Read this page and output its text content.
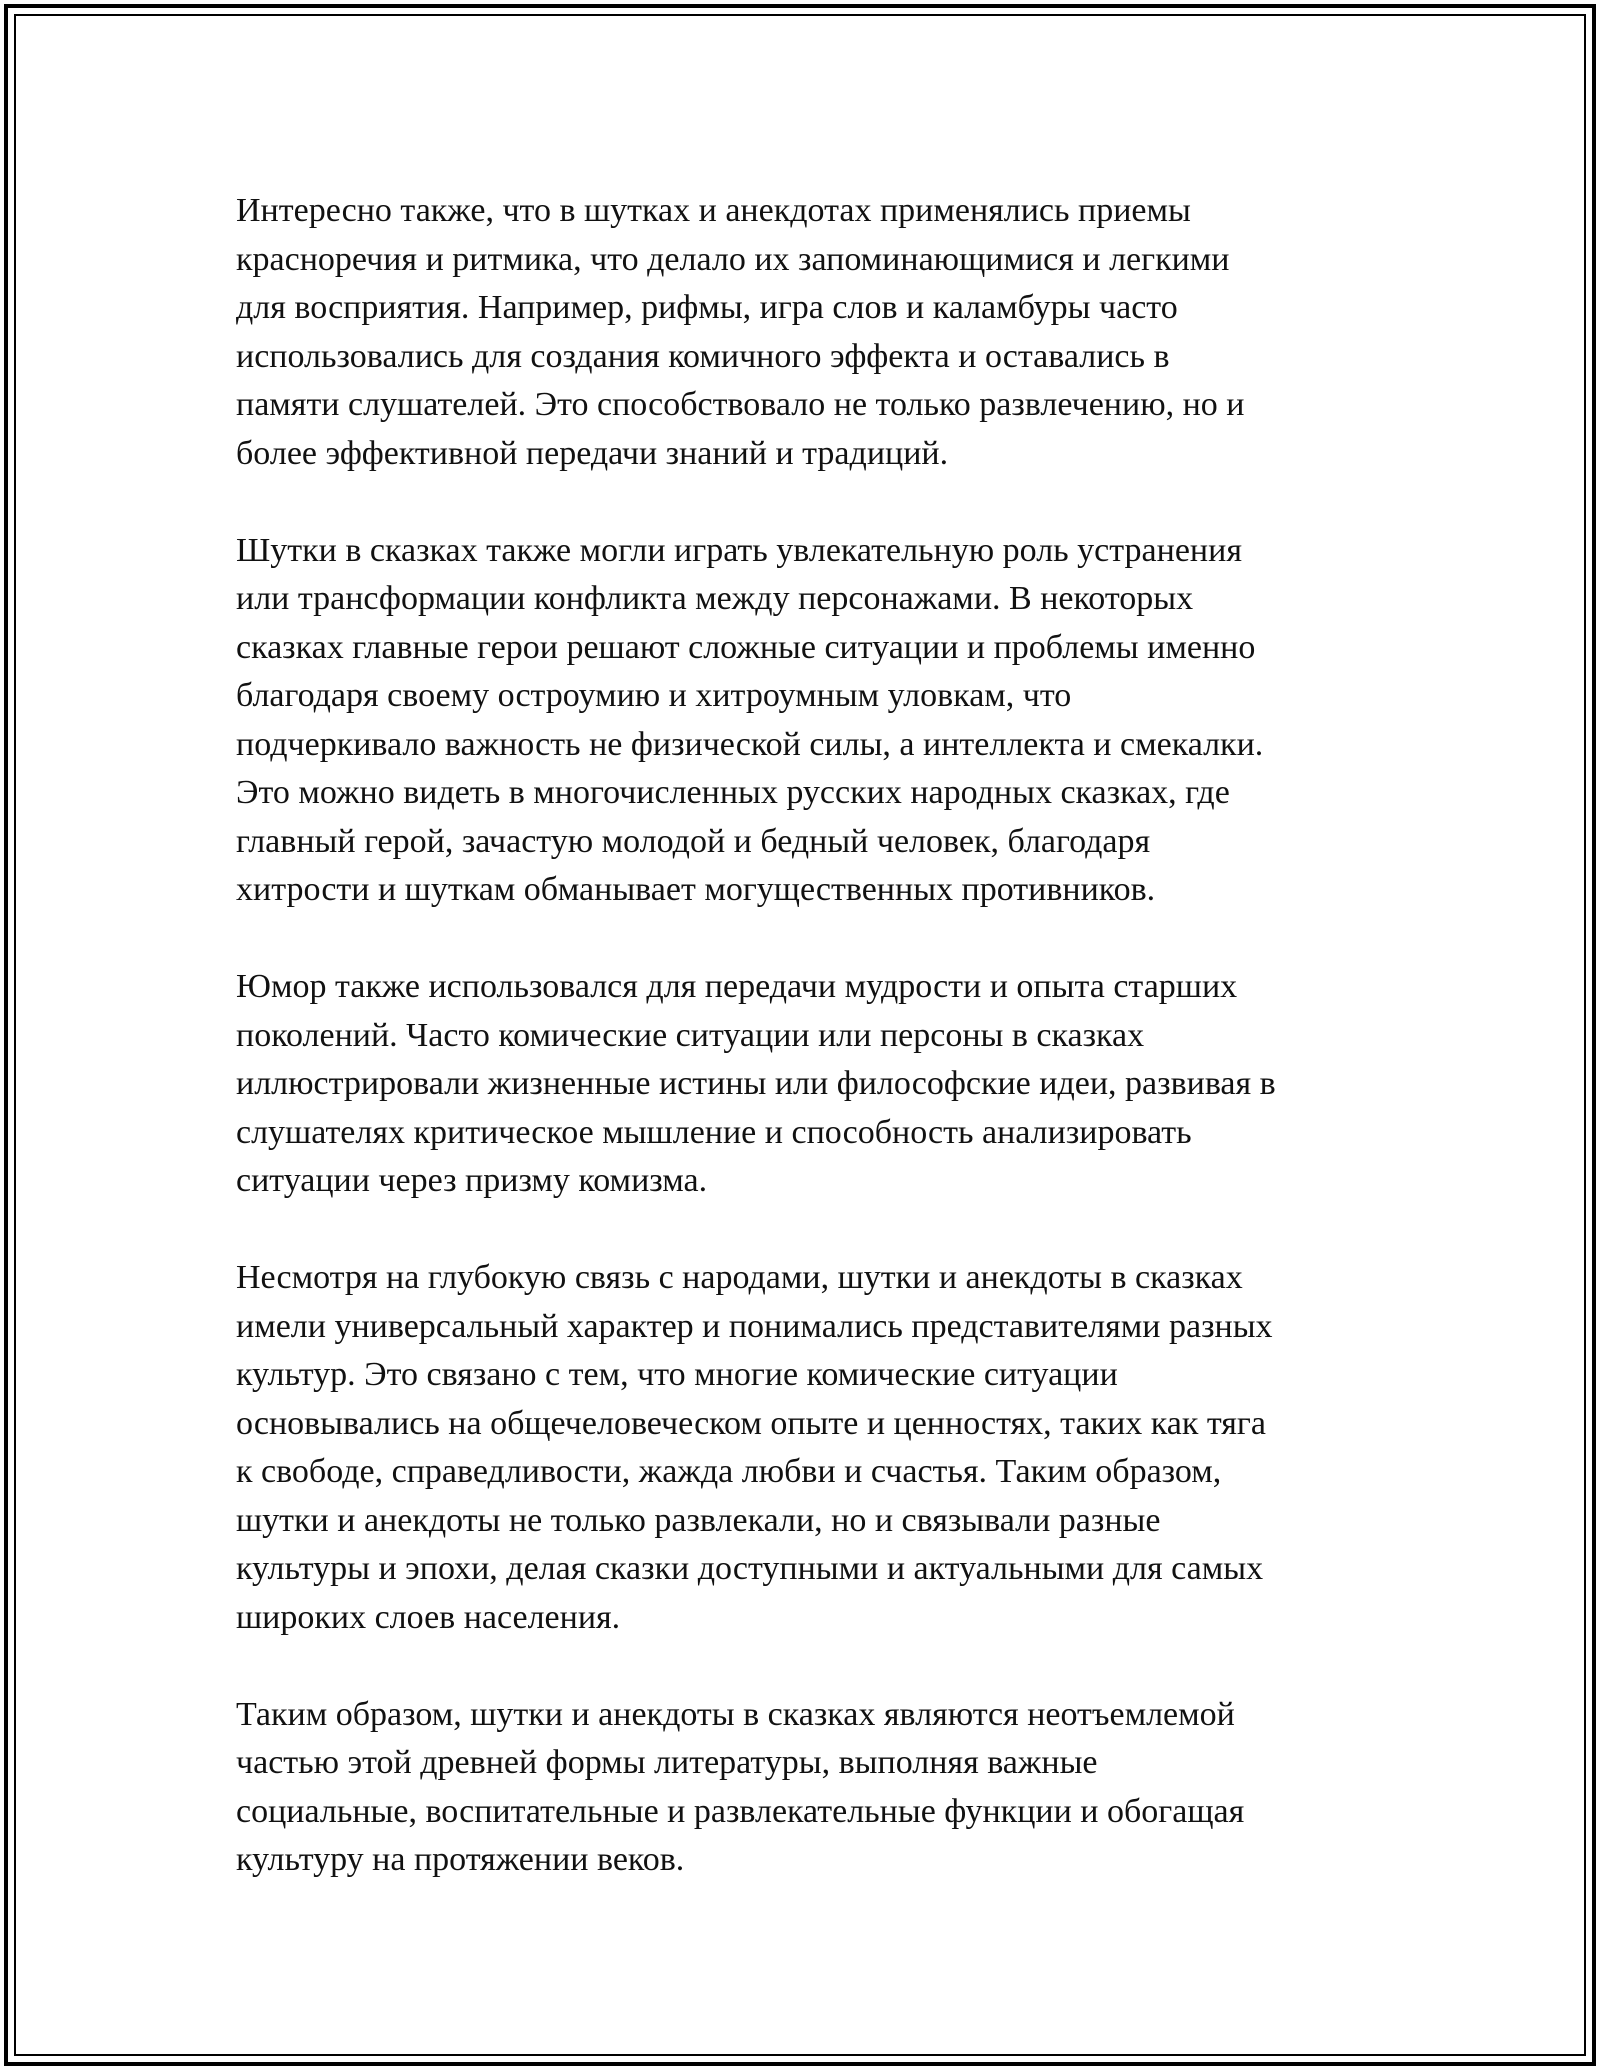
Интересно также, что в шутках и анекдотах применялись приемы
красноречия и ритмика, что делало их запоминающимися и легкими
для восприятия. Например, рифмы, игра слов и каламбуры часто
использовались для создания комичного эффекта и оставались в
памяти слушателей. Это способствовало не только развлечению, но и
более эффективной передачи знаний и традиций.

Шутки в сказках также могли играть увлекательную роль устранения
или трансформации конфликта между персонажами. В некоторых
сказках главные герои решают сложные ситуации и проблемы именно
благодаря своему остроумию и хитроумным уловкам, что
подчеркивало важность не физической силы, а интеллекта и смекалки.
Это можно видеть в многочисленных русских народных сказках, где
главный герой, зачастую молодой и бедный человек, благодаря
хитрости и шуткам обманывает могущественных противников.

Юмор также использовался для передачи мудрости и опыта старших
поколений. Часто комические ситуации или персоны в сказках
иллюстрировали жизненные истины или философские идеи, развивая в
слушателях критическое мышление и способность анализировать
ситуации через призму комизма.

Несмотря на глубокую связь с народами, шутки и анекдоты в сказках
имели универсальный характер и понимались представителями разных
культур. Это связано с тем, что многие комические ситуации
основывались на общечеловеческом опыте и ценностях, таких как тяга
к свободе, справедливости, жажда любви и счастья. Таким образом,
шутки и анекдоты не только развлекали, но и связывали разные
культуры и эпохи, делая сказки доступными и актуальными для самых
широких слоев населения.

Таким образом, шутки и анекдоты в сказках являются неотъемлемой
частью этой древней формы литературы, выполняя важные
социальные, воспитательные и развлекательные функции и обогащая
культуру на протяжении веков.
